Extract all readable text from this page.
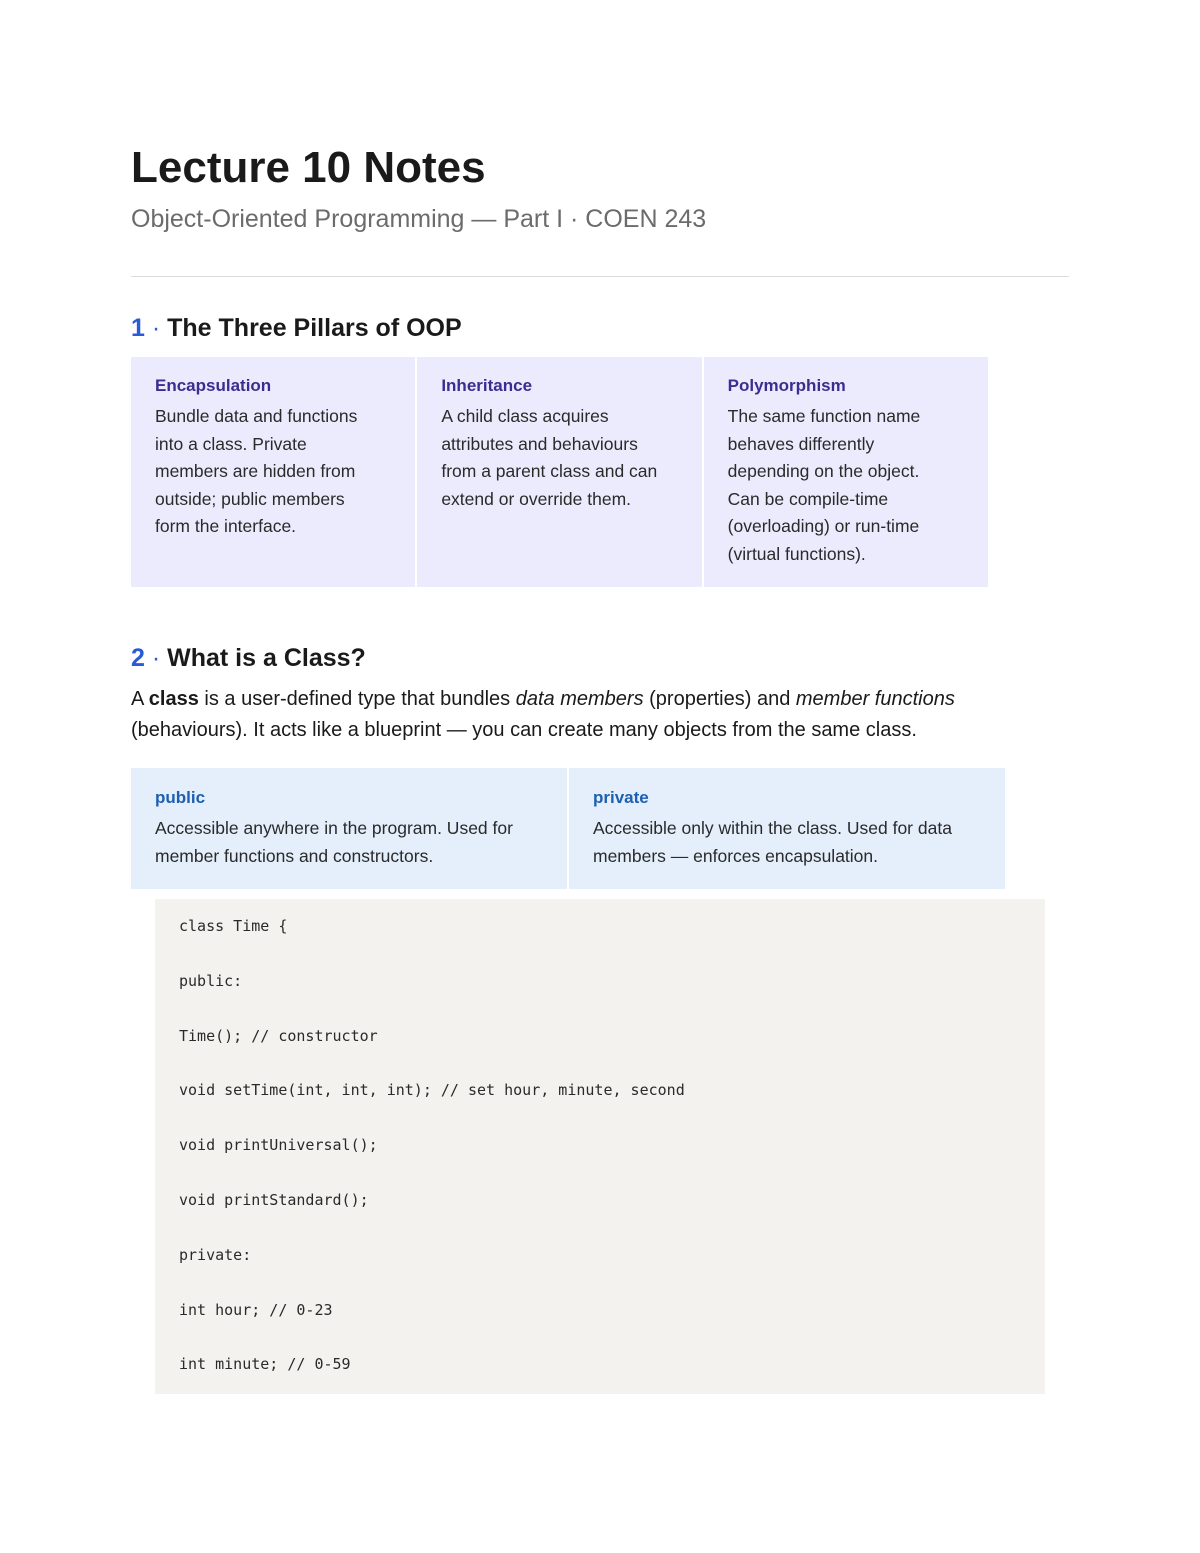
Lecture 10 Notes

Object-Oriented Programming — Part I · COEN 243

1 · The Three Pillars of OOP
Encapsulation
Bundle data and functions
into a class. Private
members are hidden from
outside; public members
form the interface.
Inheritance
A child class acquires
attributes and behaviours
from a parent class and can
extend or override them.
Polymorphism
The same function name
behaves differently
depending on the object.
Can be compile-time
(overloading) or run-time
(virtual functions).
2 · What is a Class?

A class is a user-defined type that bundles data members (properties) and member functions
(behaviours). It acts like a blueprint — you can create many objects from the same class.

public
Accessible anywhere in the program. Used for
member functions and constructors.
private
Accessible only within the class. Used for data
members — enforces encapsulation.
class Time {
public:
Time(); // constructor
void setTime(int, int, int); // set hour, minute, second
void printUniversal();
void printStandard();
private:
int hour; // 0-23
int minute; // 0-59
